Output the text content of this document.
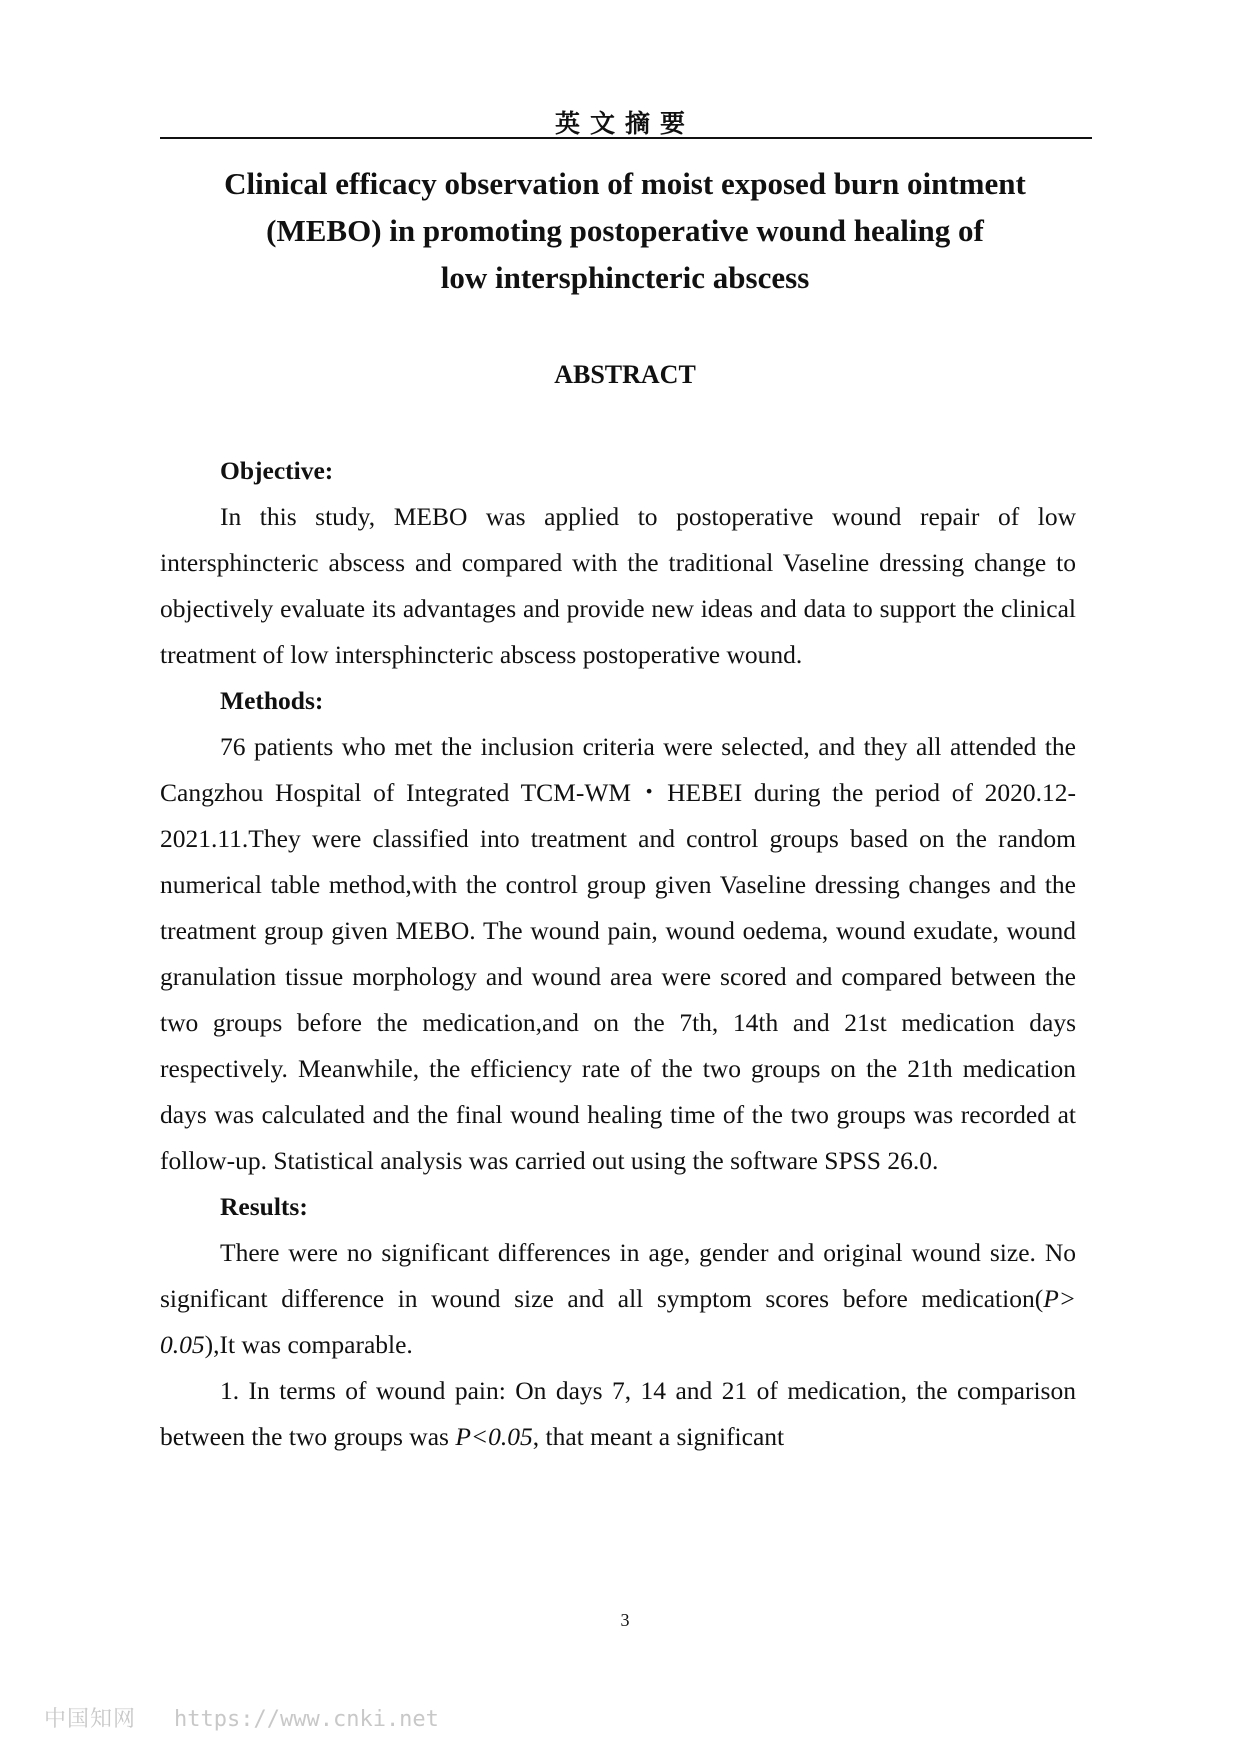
英文摘要
Clinical efficacy observation of moist exposed burn ointment
(MEBO) in promoting postoperative wound healing of
low intersphincteric abscess
ABSTRACT
Objective:

In this study, MEBO was applied to postoperative wound repair of low intersphincteric abscess and compared with the traditional Vaseline dressing change to objectively evaluate its advantages and provide new ideas and data to support the clinical treatment of low intersphincteric abscess postoperative wound.

Methods:

76 patients who met the inclusion criteria were selected, and they all attended the Cangzhou Hospital of Integrated TCM-WM・HEBEI during the period of 2020.12-2021.11.They were classified into treatment and control groups based on the random numerical table method,with the control group given Vaseline dressing changes and the treatment group given MEBO. The wound pain, wound oedema, wound exudate, wound granulation tissue morphology and wound area were scored and compared between the two groups before the medication,and on the 7th, 14th and 21st medication days respectively. Meanwhile, the efficiency rate of the two groups on the 21th medication days was calculated and the final wound healing time of the two groups was recorded at follow-up. Statistical analysis was carried out using the software SPSS 26.0.

Results:

There were no significant differences in age, gender and original wound size. No significant difference in wound size and all symptom scores before medication(P> 0.05),It was comparable.

1. In terms of wound pain: On days 7, 14 and 21 of medication, the comparison between the two groups was P<0.05, that meant a significant

3
中国知网 https://www.cnki.net
